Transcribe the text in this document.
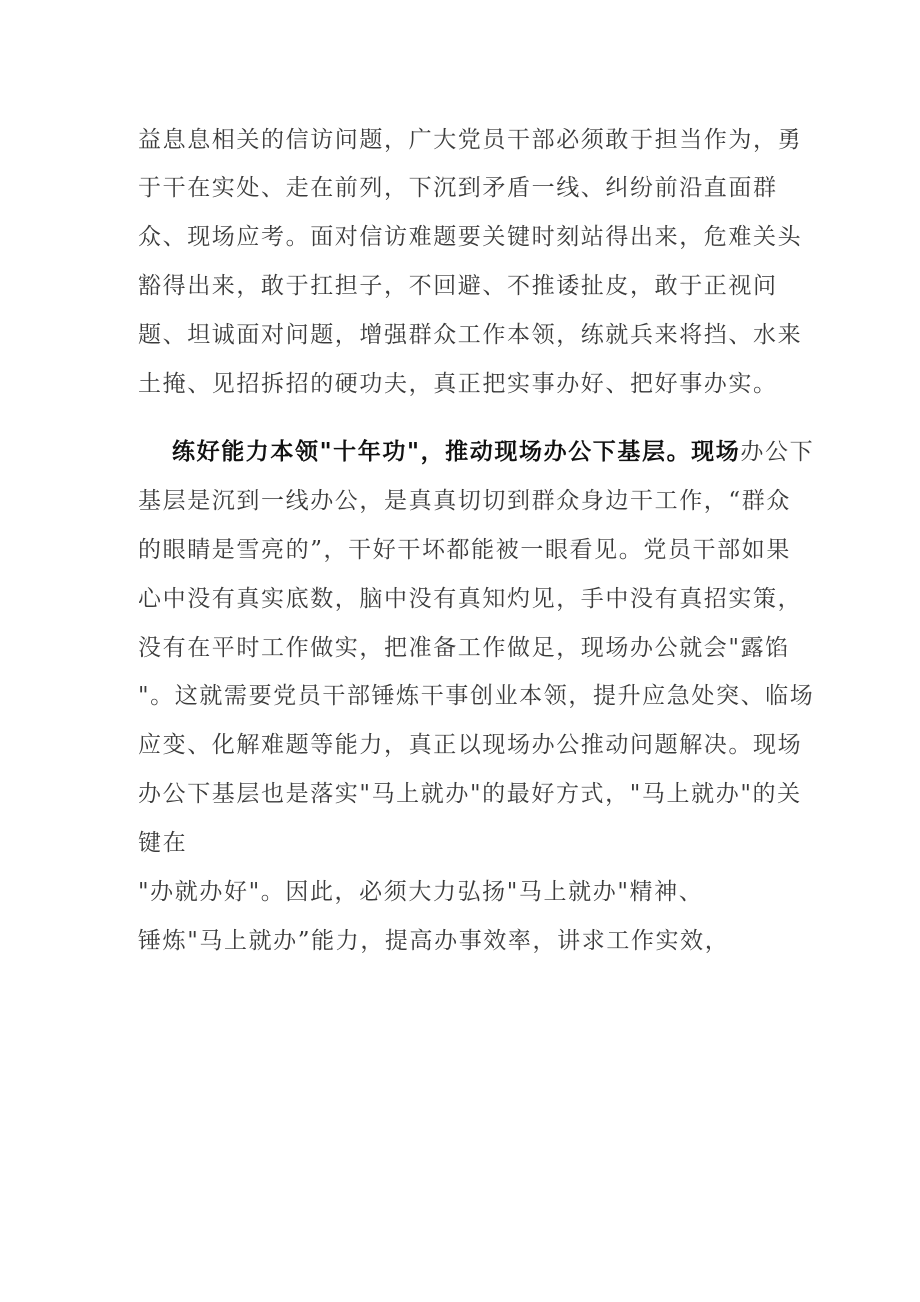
益息息相关的信访问题，广大党员干部必须敢于担当作为，勇
于干在实处、走在前列，下沉到矛盾一线、纠纷前沿直面群
众、现场应考。面对信访难题要关键时刻站得出来，危难关头
豁得出来，敢于扛担子，不回避、不推诿扯皮，敢于正视问
题、坦诚面对问题，增强群众工作本领，练就兵来将挡、水来
土掩、见招拆招的硬功夫，真正把实事办好、把好事办实。
练好能力本领"十年功"，推动现场办公下基层。现场办公下
基层是沉到一线办公，是真真切切到群众身边干工作，“群众
的眼睛是雪亮的”，干好干坏都能被一眼看见。党员干部如果
心中没有真实底数，脑中没有真知灼见，手中没有真招实策，
没有在平时工作做实，把准备工作做足，现场办公就会"露馅
"。这就需要党员干部锤炼干事创业本领，提升应急处突、临场
应变、化解难题等能力，真正以现场办公推动问题解决。现场
办公下基层也是落实"马上就办"的最好方式，"马上就办"的关
键在
"办就办好"。因此，必须大力弘扬"马上就办"精神、
锤炼"马上就办”能力，提高办事效率，讲求工作实效，
